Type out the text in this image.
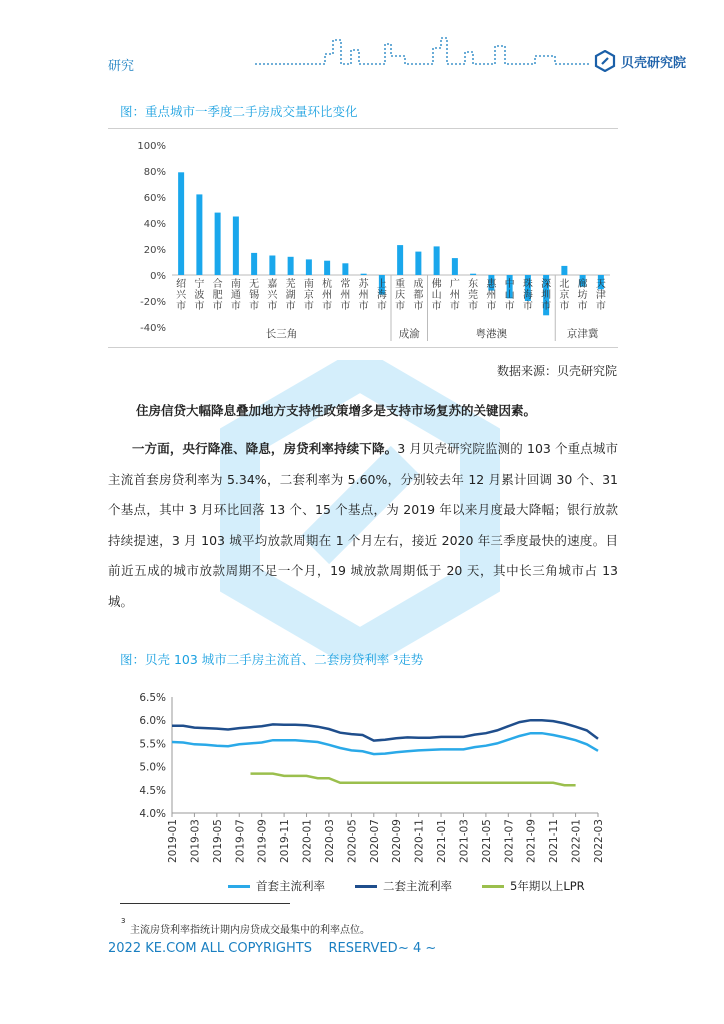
研究	贝壳研究院
图：重点城市一季度二手房成交量环比变化
100%
80%
60%
40%
20%
0%
-20%
-40%
绍
兴
市
宁
波
市
合
肥
市
南
通
市
无
锡
市
嘉
兴
市
芜
湖
市
南
京
市
杭
州
市
常
州
市
苏
州
市
上
海
市
重
庆
市
成
都
市
佛
山
市
广
州
市
东
莞
市
惠
州
市
中
山
市
珠
海
市
深
圳
市
北
京
市
廊
坊
市
天
津
市
长三角	成渝	粤港澳	京津冀
数据来源：贝壳研究院
住房信贷大幅降息叠加地方支持性政策增多是支持市场复苏的关键因素。
一方面，央行降准、降息，房贷利率持续下降。3 月贝壳研究院监测的 103 个重点城市主流首套房贷利率为 5.34%，二套利率为 5.60%，分别较去年 12 月累计回调 30 个、31 个基点，其中 3 月环比回落 13 个、15 个基点，为 2019 年以来月度最大降幅；银行放款持续提速，3 月 103 城平均放款周期在 1 个月左右，接近 2020 年三季度最快的速度。目前近五成的城市放款周期不足一个月，19 城放款周期低于 20 天，其中长三角城市占 13 城。
图：贝壳 103 城市二手房主流首、二套房贷利率 ³走势
6.5%
6.0%
5.5%
5.0%
4.5%
4.0%
2019-01 2019-03 2019-05 2019-07 2019-09 2019-11 2020-01 2020-03 2020-05 2020-07 2020-09 2020-11 2021-01 2021-03 2021-05 2021-07 2021-09 2021-11 2022-01 2022-03
首套主流利率	二套主流利率	5年期以上LPR
3
主流房贷利率指统计期内房贷成交最集中的利率点位。
2022 KE.COM ALL COPYRIGHTS    RESERVED ~ 4 ~
